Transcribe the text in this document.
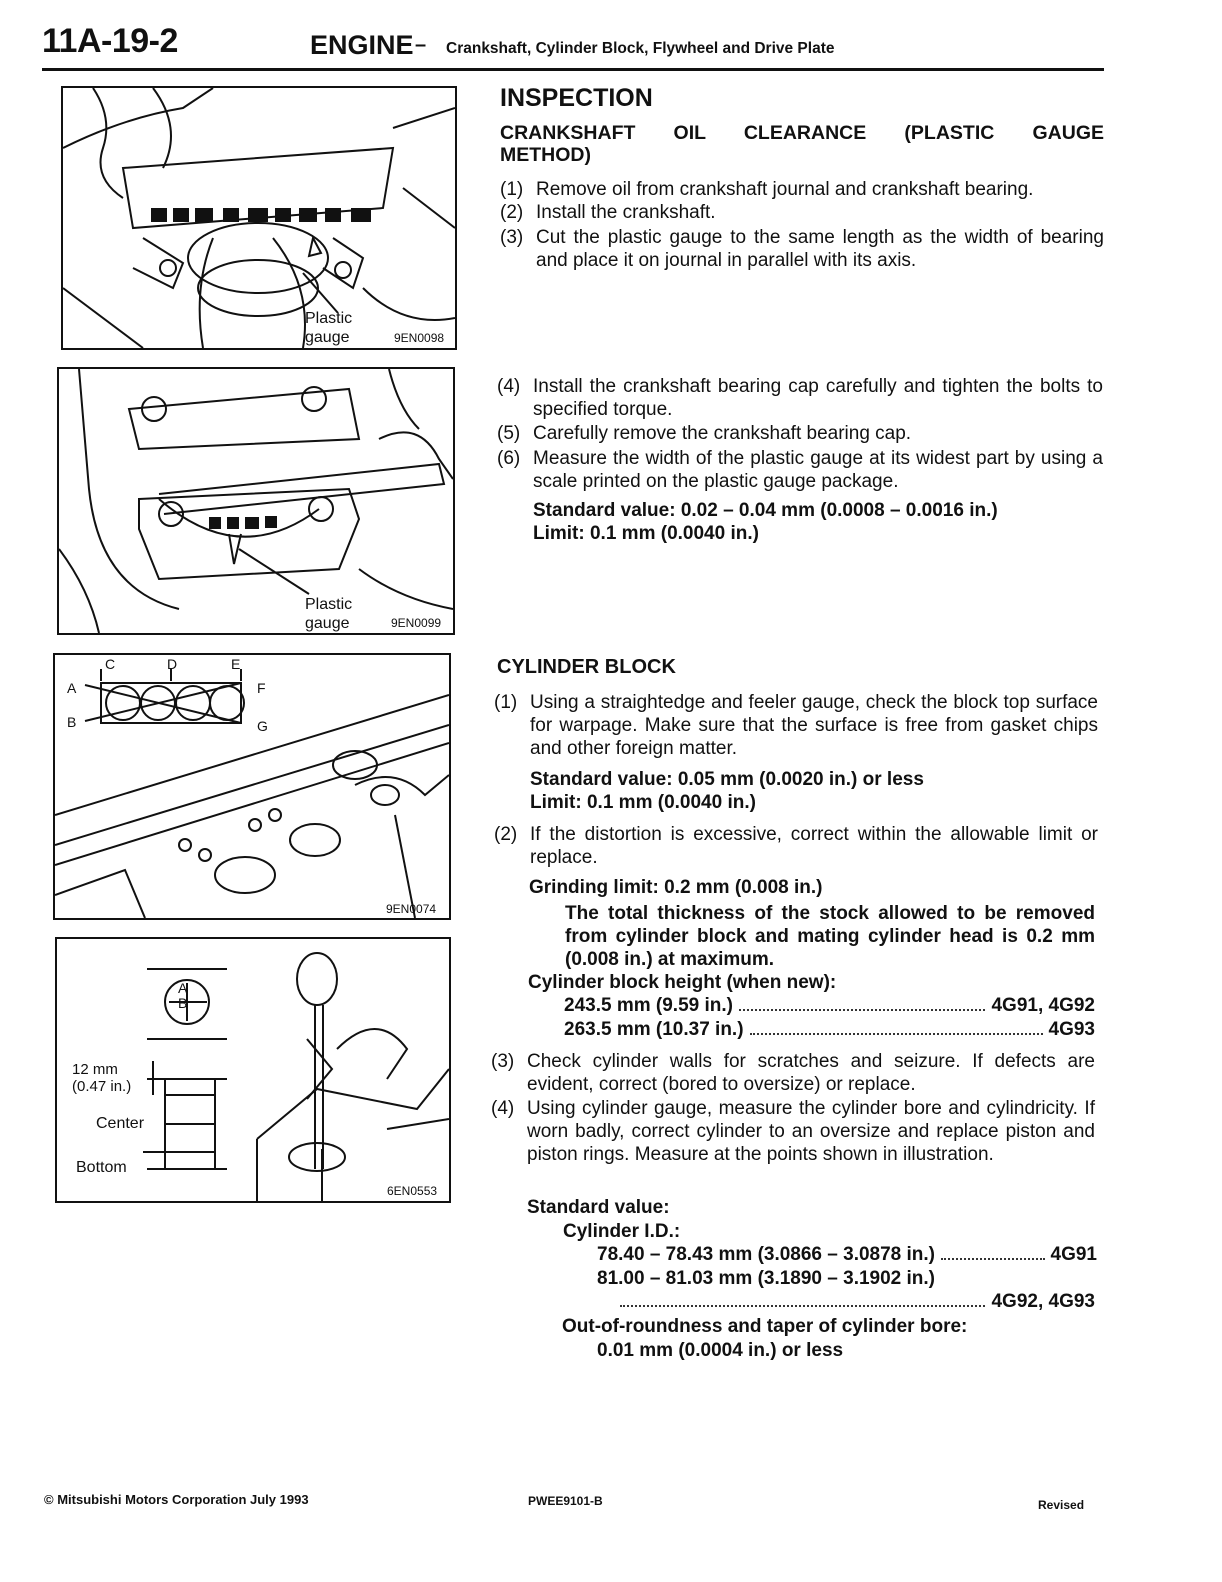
11A-19-2	ENGINE – Crankshaft, Cylinder Block, Flywheel and Drive Plate
Plastic
gauge	9EN0098
Plastic
gauge	9EN0099
C	D	E
A
B
F
G
9EN0074
A
B
12 mm
(0.47 in.)
Center
Bottom
6EN0553
INSPECTION
CRANKSHAFT OIL CLEARANCE (PLASTIC GAUGE
METHOD)
(1) Remove oil from crankshaft journal and crankshaft bearing.
(2) Install the crankshaft.
(3) Cut the plastic gauge to the same length as the width of bearing and place it on journal in parallel with its axis.
(4) Install the crankshaft bearing cap carefully and tighten the bolts to specified torque.
(5) Carefully remove the crankshaft bearing cap.
(6) Measure the width of the plastic gauge at its widest part by using a scale printed on the plastic gauge package.
Standard value: 0.02 – 0.04 mm (0.0008 – 0.0016 in.)
Limit: 0.1 mm (0.0040 in.)
CYLINDER BLOCK
(1) Using a straightedge and feeler gauge, check the block top surface for warpage. Make sure that the surface is free from gasket chips and other foreign matter.
Standard value: 0.05 mm (0.0020 in.) or less
Limit: 0.1 mm (0.0040 in.)
(2) If the distortion is excessive, correct within the allowable limit or replace.
Grinding limit: 0.2 mm (0.008 in.)
The total thickness of the stock allowed to be removed from cylinder block and mating cylinder head is 0.2 mm (0.008 in.) at maximum.
Cylinder block height (when new):
243.5 mm (9.59 in.)	4G91, 4G92
263.5 mm (10.37 in.)	4G93
(3) Check cylinder walls for scratches and seizure. If defects are evident, correct (bored to oversize) or replace.
(4) Using cylinder gauge, measure the cylinder bore and cylindricity. If worn badly, correct cylinder to an oversize and replace piston and piston rings. Measure at the points shown in illustration.
Standard value:
Cylinder I.D.:
78.40 – 78.43 mm (3.0866 – 3.0878 in.)	4G91
81.00 – 81.03 mm (3.1890 – 3.1902 in.)
4G92, 4G93
Out-of-roundness and taper of cylinder bore:
0.01 mm (0.0004 in.) or less
© Mitsubishi Motors Corporation July 1993	PWEE9101-B	Revised
